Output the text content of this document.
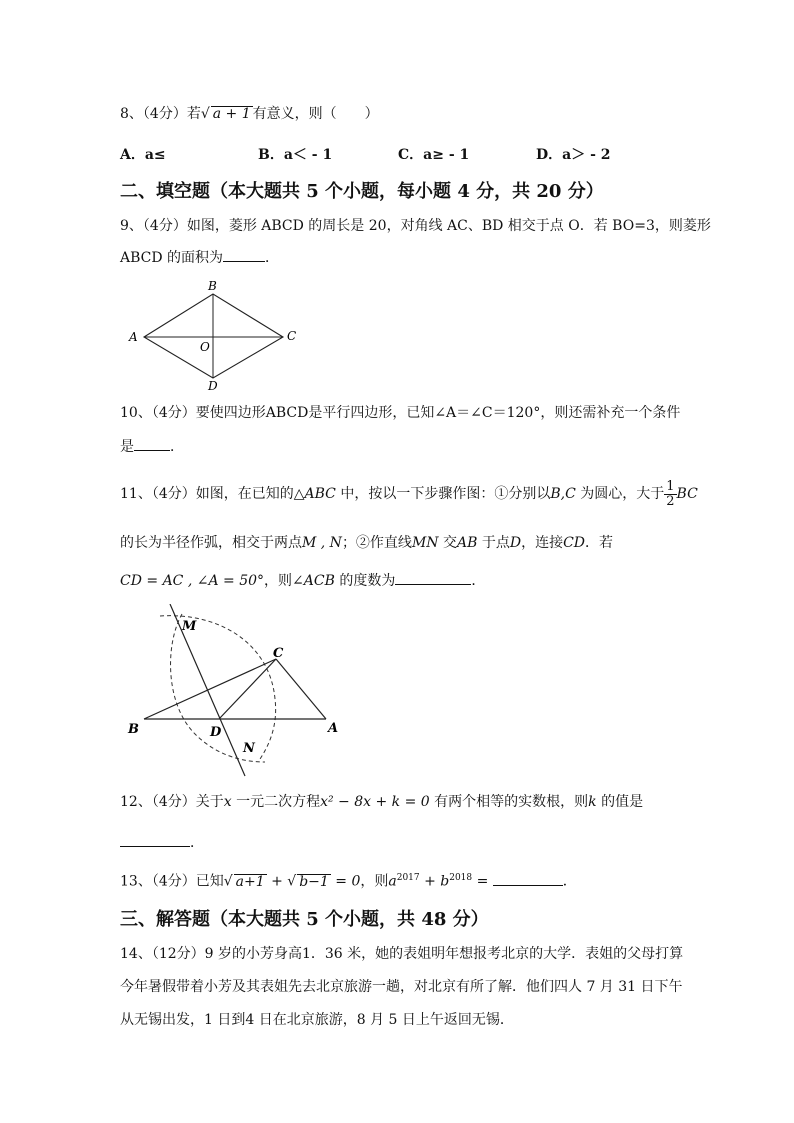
8、（4分）若√ a + 1 有意义，则（　　）
A．a≤	B．a＜ - 1	C．a≥ - 1	D．a＞ - 2
二、填空题（本大题共 5 个小题，每小题 4 分，共 20 分）
9、（4分）如图，菱形 ABCD 的周长是 20，对角线 AC、BD 相交于点 O．若 BO=3，则菱形
ABCD 的面积为	．
A
B
C
D
O
10、（4分）要使四边形ABCD是平行四边形，已知∠A＝∠C＝120°，则还需补充一个条件
是	．
11、（4分）如图，在已知的△ABC 中，按以一下步骤作图：①分别以B,C 为圆心，大于 $\frac{1}{2}$ BC
的长为半径作弧，相交于两点M , N；②作直线MN 交AB 于点D，连接CD．若
CD = AC , ∠A = 50°，则∠ACB 的度数为	．
M
C
B	D	A
N
12、（4分）关于x 一元二次方程x² − 8x + k = 0 有两个相等的实数根，则k 的值是
．
13、（4分）已知√ a+1 + √ b−1 = 0，则$a^{2017} + b^{2018}$ =	．
三、解答题（本大题共 5 个小题，共 48 分）
14、（12分）9 岁的小芳身高1．36 米，她的表姐明年想报考北京的大学．表姐的父母打算
今年暑假带着小芳及其表姐先去北京旅游一趟，对北京有所了解．他们四人 7 月 31 日下午
从无锡出发，1 日到4 日在北京旅游，8 月 5 日上午返回无锡．
